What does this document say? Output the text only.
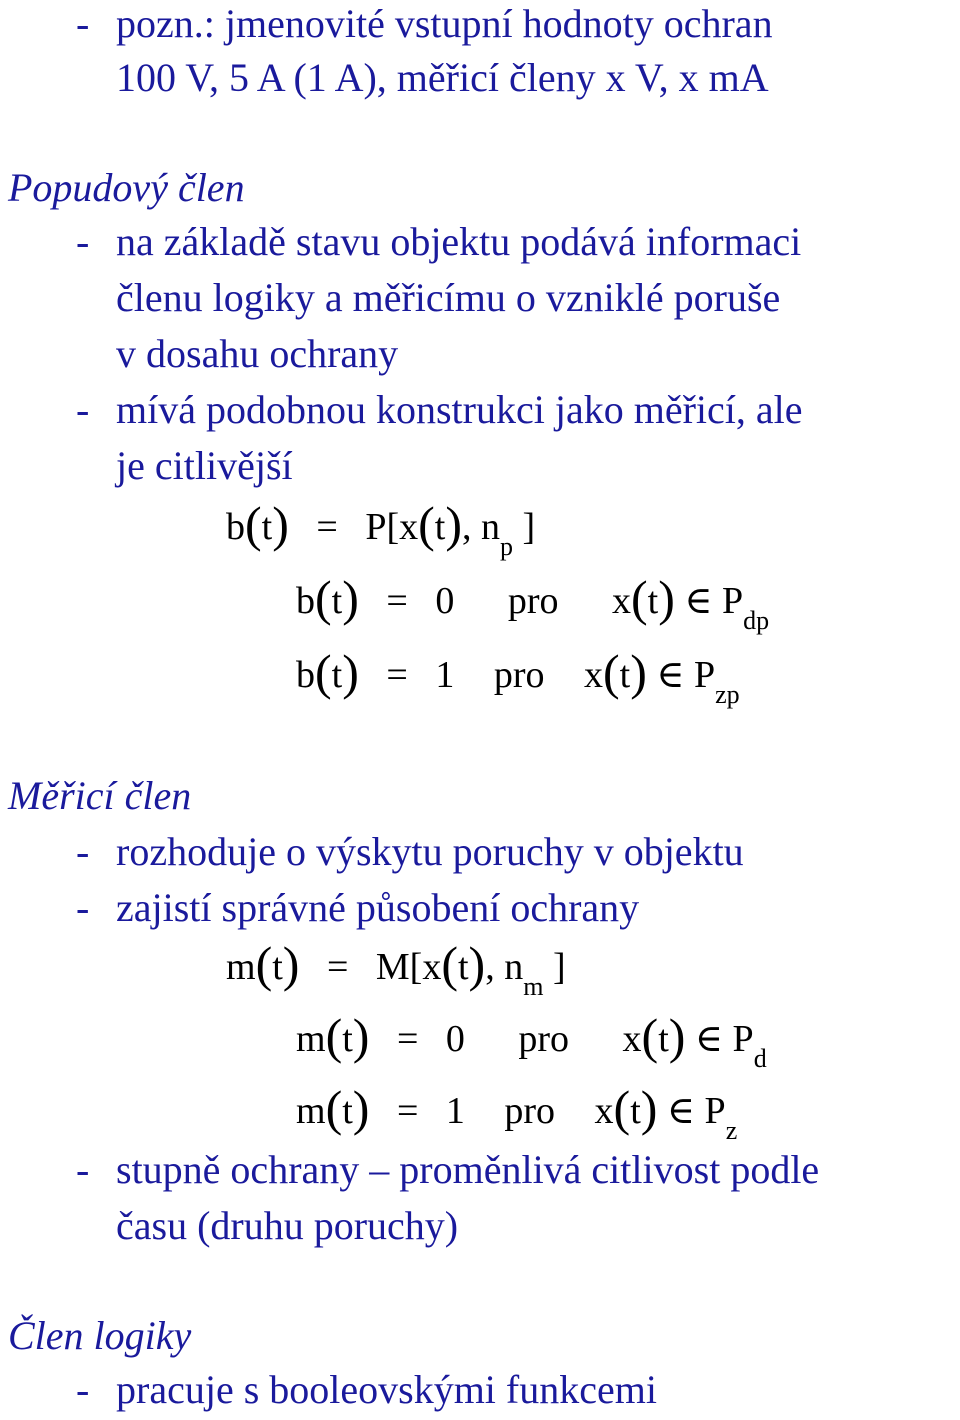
- pozn.: jmenovité vstupní hodnoty ochran
100 V, 5 A (1 A), měřicí členy x V, x mA
Popudový člen
- na základě stavu objektu podává informaci
členu logiky a měřicímu o vzniklé poruše
v dosahu ochrany
- mívá podobnou konstrukci jako měřicí, ale
je citlivější
b(t) = P[x(t), $n_p$ ]
b(t) = 0 pro x(t) ∈ $P_{dp}$
b(t) = 1 pro x(t) ∈ $P_{zp}$
Měřicí člen
- rozhoduje o výskytu poruchy v objektu
- zajistí správné působení ochrany
m(t) = M[x(t), $n_m$ ]
m(t) = 0 pro x(t) ∈ $P_d$
m(t) = 1 pro x(t) ∈ $P_z$
- stupně ochrany – proměnlivá citlivost podle
času (druhu poruchy)
Člen logiky
- pracuje s booleovskými funkcemi
